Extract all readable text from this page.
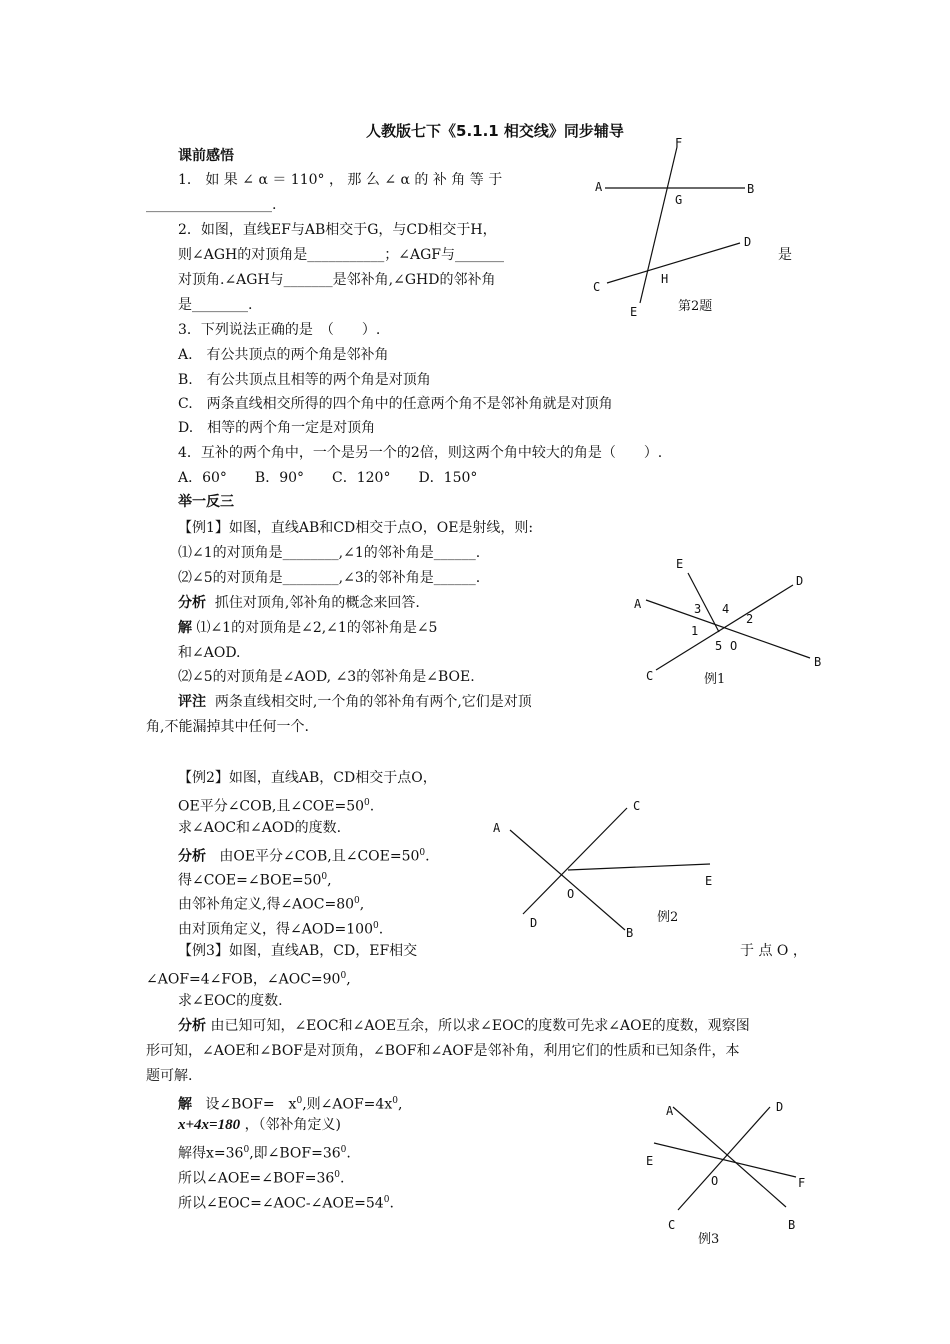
人教版七下《5.1.1 相交线》同步辅导
课前感悟
1． 如 果 ∠ α ＝ 110° ， 那 么 ∠ α 的 补 角 等 于
__________________.
2．如图，直线EF与AB相交于G，与CD相交于H，
则∠AGH的对顶角是___________；∠AGF与_______	是
对顶角.∠AGH与_______是邻补角,∠GHD的邻补角
是________.
3．下列说法正确的是　（　　）.
A.　有公共顶点的两个角是邻补角
B.　有公共顶点且相等的两个角是对顶角
C.　两条直线相交所得的四个角中的任意两个角不是邻补角就是对顶角
D.　相等的两个角一定是对顶角
4．互补的两个角中，一个是另一个的2倍，则这两个角中较大的角是（　　）.
A．60°　　B．90°　　C．120°　　D．150°
F
A	B
G
D
C
H
E	第2题
举一反三
【例1】如图，直线AB和CD相交于点O，OE是射线，则:
⑴∠1的对顶角是________,∠1的邻补角是______.
⑵∠5的对顶角是________,∠3的邻补角是______.
分析 抓住对顶角,邻补角的概念来回答.
解 ⑴∠1的对顶角是∠2,∠1的邻补角是∠5
和∠AOD.
⑵∠5的对顶角是∠AOD, ∠3的邻补角是∠BOE.
评注 两条直线相交时,一个角的邻补角有两个,它们是对顶
角,不能漏掉其中任何一个.
E
D
A	3 4
2
1
5 O
B
C	例1
【例2】如图，直线AB，CD相交于点O，
OE平分∠COB,且$\angle COE=50^0$.
求∠AOC和∠AOD的度数.
分析 由OE平分∠COB,且$\angle COE=50^0$.
得$\angle COE=\angle BOE=50^0$,
由邻补角定义,得$\angle AOC=80^0$,
由对顶角定义，得$\angle AOD=100^0$.
A
C
E
O
D
B
例2
【例3】如图，直线AB，CD，EF相交	于 点 O ，
∠AOF=4∠FOB，$\angle AOC=90^0$,
求∠EOC的度数.
分析 由已知可知，∠EOC和∠AOE互余，所以求∠EOC的度数可先求∠AOE的度数，观察图
形可知，∠AOE和∠BOF是对顶角，∠BOF和∠AOF是邻补角，利用它们的性质和已知条件，本
题可解.
解 设∠BOF=　$x^0$,则$\angle AOF=4x^0$,
x+4x=180 ，（邻补角定义)
解得$x=36^0$,即$\angle BOF=36^0$.
所以$\angle AOE=\angle BOF=36^0$.
所以$\angle EOC=\angle AOC-\angle AOE=54^0$.
A	D
E
O	F
C	B
例3
